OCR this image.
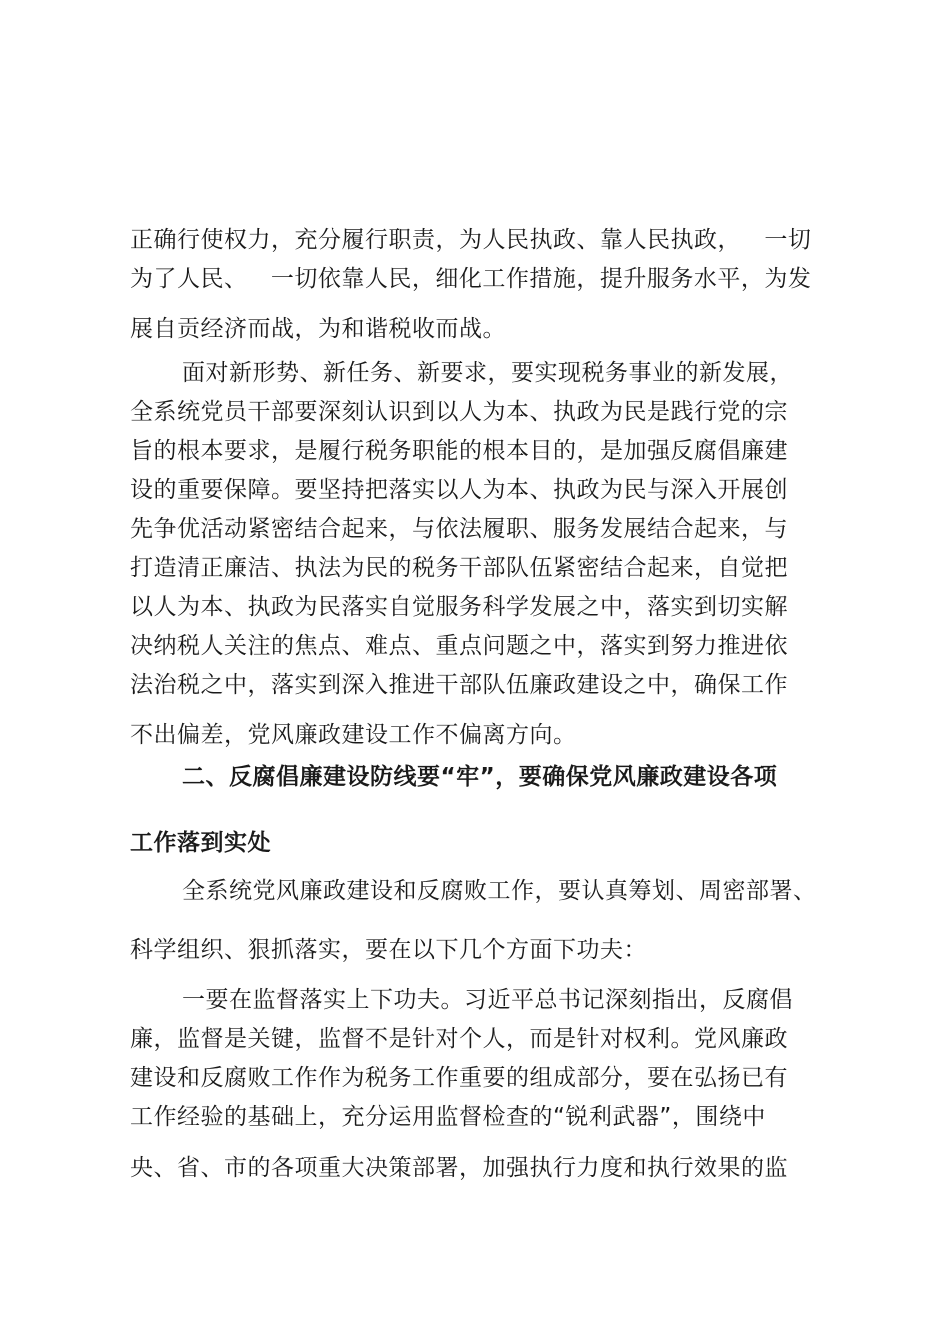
正确行使权力，充分履行职责，为人民执政、靠人民执政，   一切
为了人民、   一切依靠人民，细化工作措施，提升服务水平，为发
展自贡经济而战，为和谐税收而战。
面对新形势、新任务、新要求，要实现税务事业的新发展，
全系统党员干部要深刻认识到以人为本、执政为民是践行党的宗
旨的根本要求，是履行税务职能的根本目的，是加强反腐倡廉建
设的重要保障。要坚持把落实以人为本、执政为民与深入开展创
先争优活动紧密结合起来，与依法履职、服务发展结合起来，与
打造清正廉洁、执法为民的税务干部队伍紧密结合起来，自觉把
以人为本、执政为民落实自觉服务科学发展之中，落实到切实解
决纳税人关注的焦点、难点、重点问题之中，落实到努力推进依
法治税之中，落实到深入推进干部队伍廉政建设之中，确保工作
不出偏差，党风廉政建设工作不偏离方向。
二、反腐倡廉建设防线要“牢”，要确保党风廉政建设各项
工作落到实处
全系统党风廉政建设和反腐败工作，要认真筹划、周密部署、
科学组织、狠抓落实，要在以下几个方面下功夫：
一要在监督落实上下功夫。习近平总书记深刻指出，反腐倡
廉，监督是关键，监督不是针对个人，而是针对权利。党风廉政
建设和反腐败工作作为税务工作重要的组成部分，要在弘扬已有
工作经验的基础上，充分运用监督检查的“锐利武器”，围绕中
央、省、市的各项重大决策部署，加强执行力度和执行效果的监
